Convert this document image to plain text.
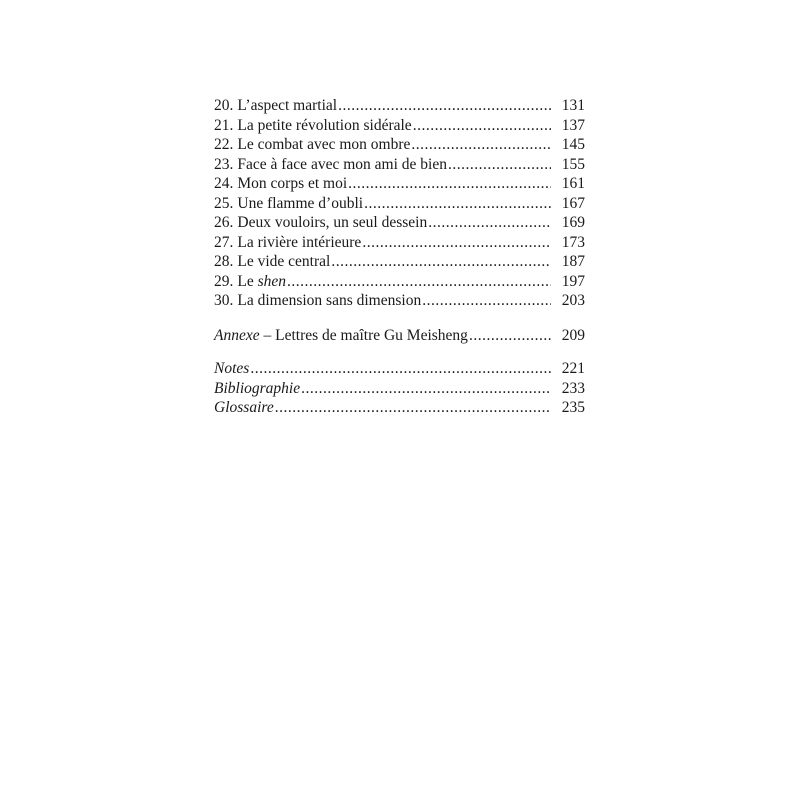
20. L’aspect martial .....	131
21. La petite révolution sidérale .....	137
22. Le combat avec mon ombre .....	145
23. Face à face avec mon ami de bien .....	155
24. Mon corps et moi .....	161
25. Une flamme d’oubli .....	167
26. Deux vouloirs, un seul dessein .....	169
27. La rivière intérieure .....	173
28. Le vide central .....	187
29. Le shen .....	197
30. La dimension sans dimension .....	203
Annexe – Lettres de maître Gu Meisheng .....	209
Notes .....	221
Bibliographie .....	233
Glossaire .....	235
